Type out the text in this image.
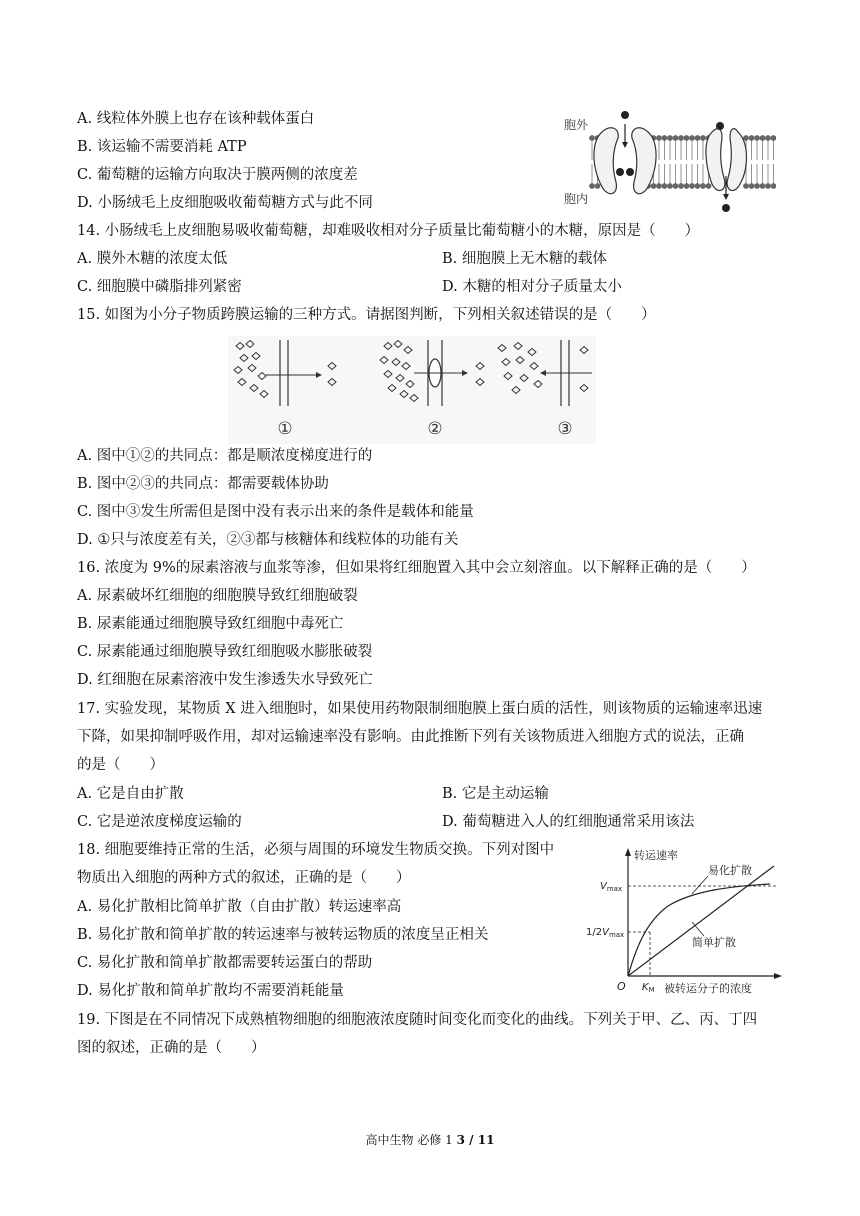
A. 线粒体外膜上也存在该种载体蛋白
B. 该运输不需要消耗 ATP
C. 葡萄糖的运输方向取决于膜两侧的浓度差
D. 小肠绒毛上皮细胞吸收葡萄糖方式与此不同
胞外
胞内
14. 小肠绒毛上皮细胞易吸收葡萄糖，却难吸收相对分子质量比葡萄糖小的木糖，原因是（　　）
A. 膜外木糖的浓度太低	B. 细胞膜上无木糖的载体
C. 细胞膜中磷脂排列紧密	D. 木糖的相对分子质量太小
15. 如图为小分子物质跨膜运输的三种方式。请据图判断，下列相关叙述错误的是（　　）
①	②	③
A. 图中①②的共同点：都是顺浓度梯度进行的
B. 图中②③的共同点：都需要载体协助
C. 图中③发生所需但是图中没有表示出来的条件是载体和能量
D. ①只与浓度差有关，②③都与核糖体和线粒体的功能有关
16. 浓度为 9%的尿素溶液与血浆等渗，但如果将红细胞置入其中会立刻溶血。以下解释正确的是（　　）
A. 尿素破坏红细胞的细胞膜导致红细胞破裂
B. 尿素能通过细胞膜导致红细胞中毒死亡
C. 尿素能通过细胞膜导致红细胞吸水膨胀破裂
D. 红细胞在尿素溶液中发生渗透失水导致死亡
17. 实验发现，某物质 X 进入细胞时，如果使用药物限制细胞膜上蛋白质的活性，则该物质的运输速率迅速
下降，如果抑制呼吸作用，却对运输速率没有影响。由此推断下列有关该物质进入细胞方式的说法，正确
的是（　　）
A. 它是自由扩散	B. 它是主动运输
C. 它是逆浓度梯度运输的	D. 葡萄糖进入人的红细胞通常采用该法
18. 细胞要维持正常的生活，必须与周围的环境发生物质交换。下列对图中
物质出入细胞的两种方式的叙述，正确的是（　　）
A. 易化扩散相比简单扩散（自由扩散）转运速率高
B. 易化扩散和简单扩散的转运速率与被转运物质的浓度呈正相关
C. 易化扩散和简单扩散都需要转运蛋白的帮助
D. 易化扩散和简单扩散均不需要消耗能量
转运速率
被转运分子的浓度
O
$V_{max}$
$1/2V_{max}$
$K_M$
易化扩散
简单扩散
19. 下图是在不同情况下成熟植物细胞的细胞液浓度随时间变化而变化的曲线。下列关于甲、乙、丙、丁四
图的叙述，正确的是（　　）
高中生物 必修 1 3 / 11
